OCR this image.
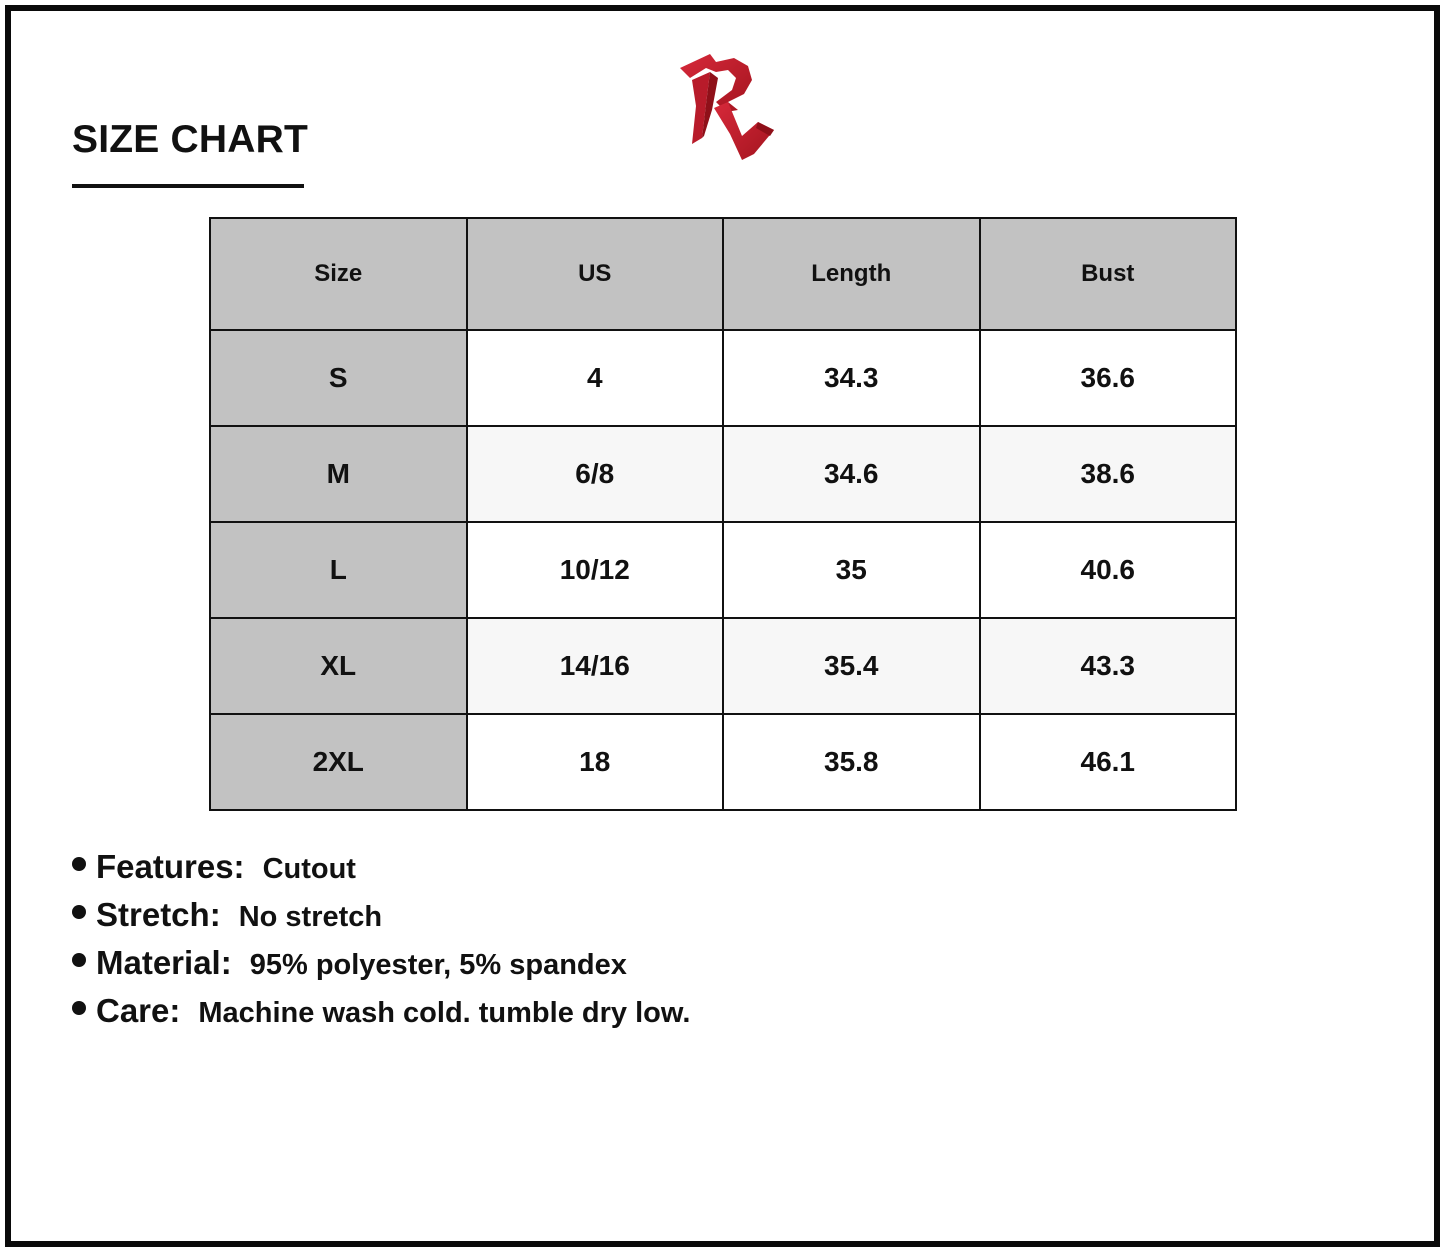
SIZE CHART
Size	US	Length	Bust
S	4	34.3	36.6
M	6/8	34.6	38.6
L	10/12	35	40.6
XL	14/16	35.4	43.3
2XL	18	35.8	46.1
Features: Cutout
Stretch: No stretch
Material: 95% polyester, 5% spandex
Care: Machine wash cold. tumble dry low.
